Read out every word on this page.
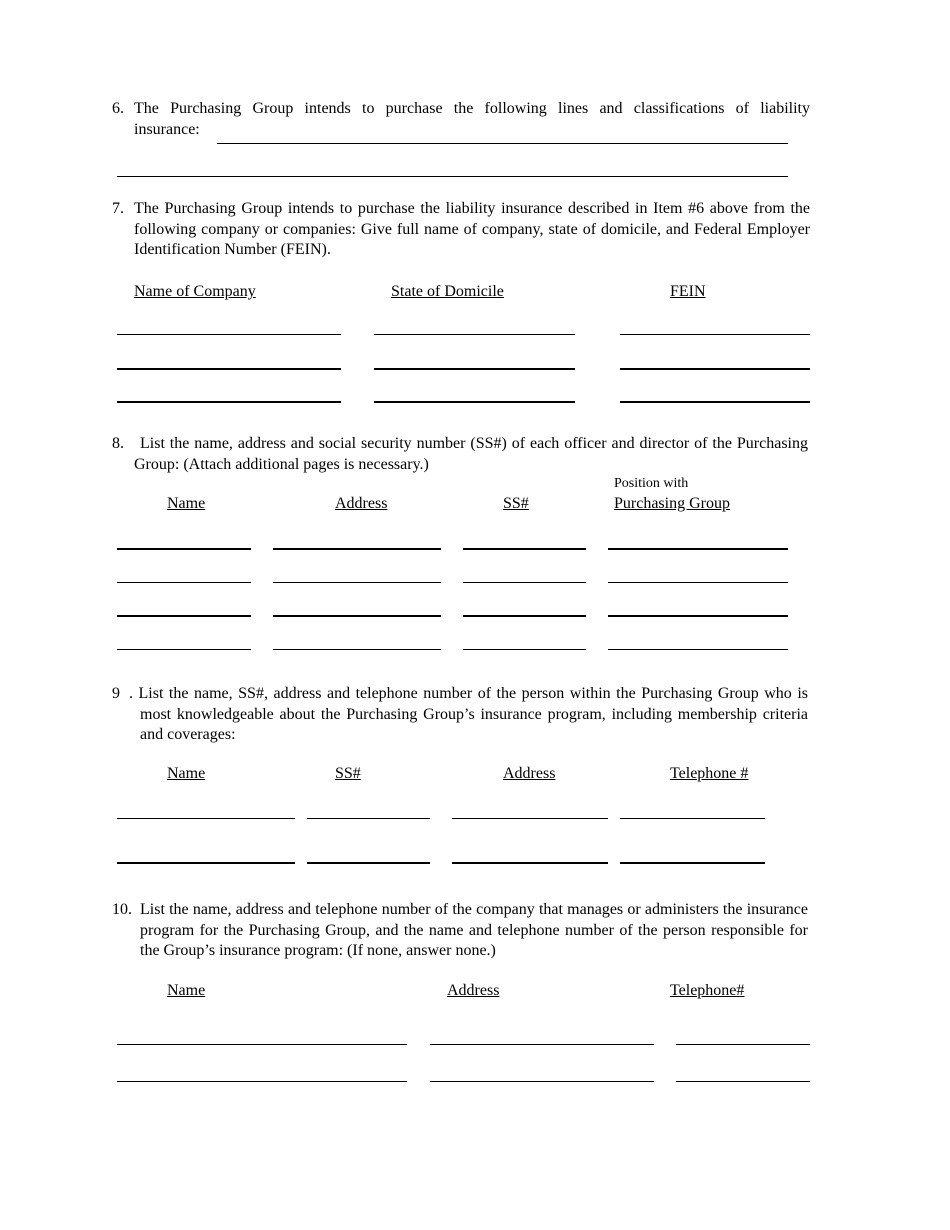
6. The Purchasing Group intends to purchase the following lines and classifications of liability
insurance:
7. The Purchasing Group intends to purchase the liability insurance described in Item #6 above from the following company or companies: Give full name of company, state of domicile, and Federal Employer Identification Number (FEIN).
Name of Company	State of Domicile	FEIN
8.	List the name, address and social security number (SS#) of each officer and director of the Purchasing Group: (Attach additional pages is necessary.)
Position with
Name	Address	SS#	Purchasing Group
9 . List the name, SS#, address and telephone number of the person within the Purchasing Group who is most knowledgeable about the Purchasing Group’s insurance program, including membership criteria and coverages:
Name	SS#	Address	Telephone #
10. List the name, address and telephone number of the company that manages or administers the insurance program for the Purchasing Group, and the name and telephone number of the person responsible for the Group’s insurance program: (If none, answer none.)
Name	Address	Telephone#
